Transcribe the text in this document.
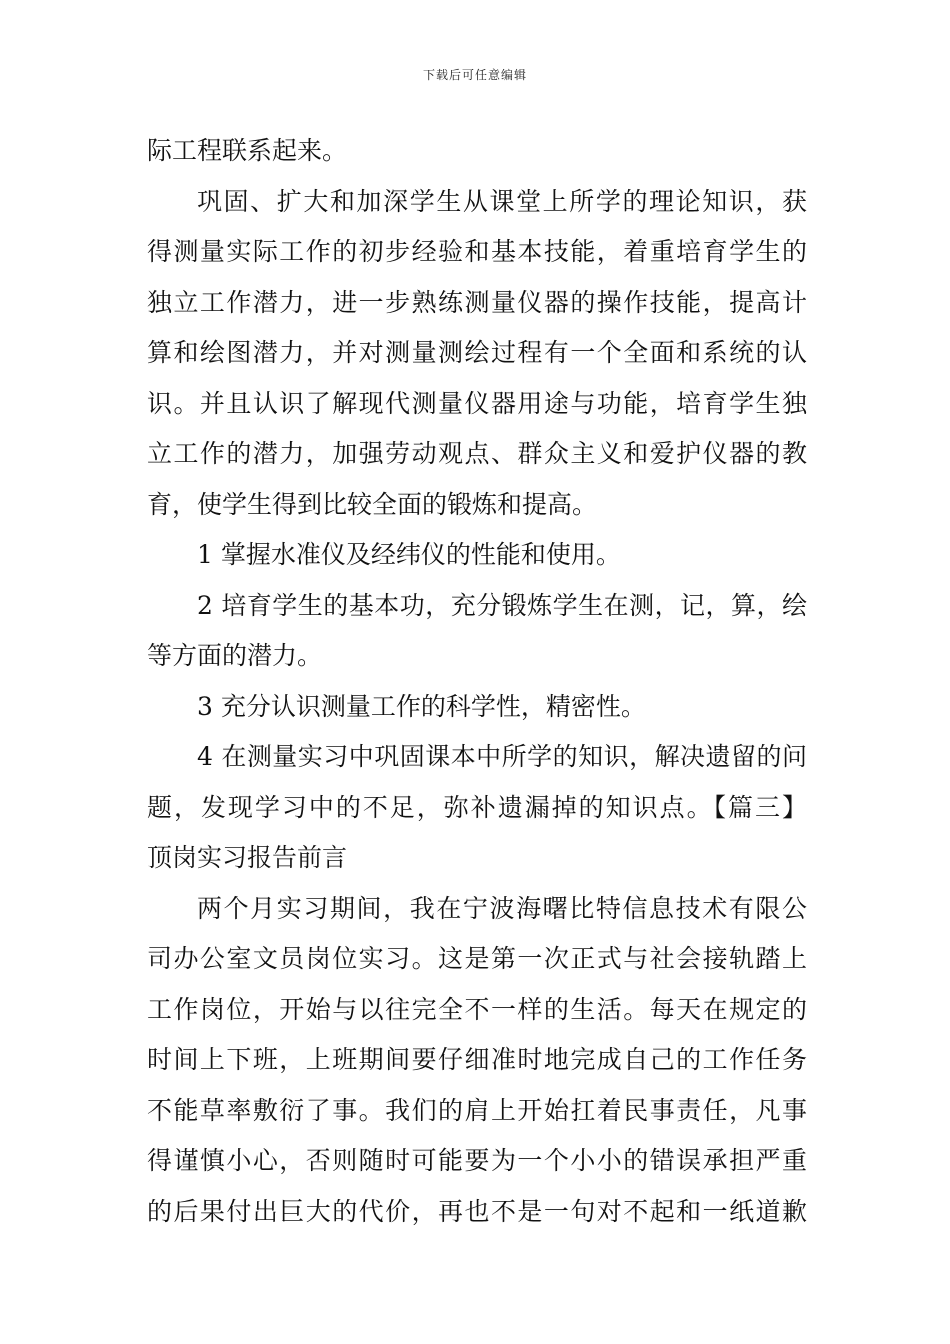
下载后可任意编辑
际工程联系起来。
巩固、扩大和加深学生从课堂上所学的理论知识，获
得测量实际工作的初步经验和基本技能，着重培育学生的
独立工作潜力，进一步熟练测量仪器的操作技能，提高计
算和绘图潜力，并对测量测绘过程有一个全面和系统的认
识。并且认识了解现代测量仪器用途与功能，培育学生独
立工作的潜力，加强劳动观点、群众主义和爱护仪器的教
育，使学生得到比较全面的锻炼和提高。
1 掌握水准仪及经纬仪的性能和使用。
2 培育学生的基本功，充分锻炼学生在测，记，算，绘
等方面的潜力。
3 充分认识测量工作的科学性，精密性。
4 在测量实习中巩固课本中所学的知识，解决遗留的问
题，发现学习中的不足，弥补遗漏掉的知识点。【篇三】
顶岗实习报告前言
两个月实习期间，我在宁波海曙比特信息技术有限公
司办公室文员岗位实习。这是第一次正式与社会接轨踏上
工作岗位，开始与以往完全不一样的生活。每天在规定的
时间上下班，上班期间要仔细准时地完成自己的工作任务
不能草率敷衍了事。我们的肩上开始扛着民事责任，凡事
得谨慎小心，否则随时可能要为一个小小的错误承担严重
的后果付出巨大的代价，再也不是一句对不起和一纸道歉
